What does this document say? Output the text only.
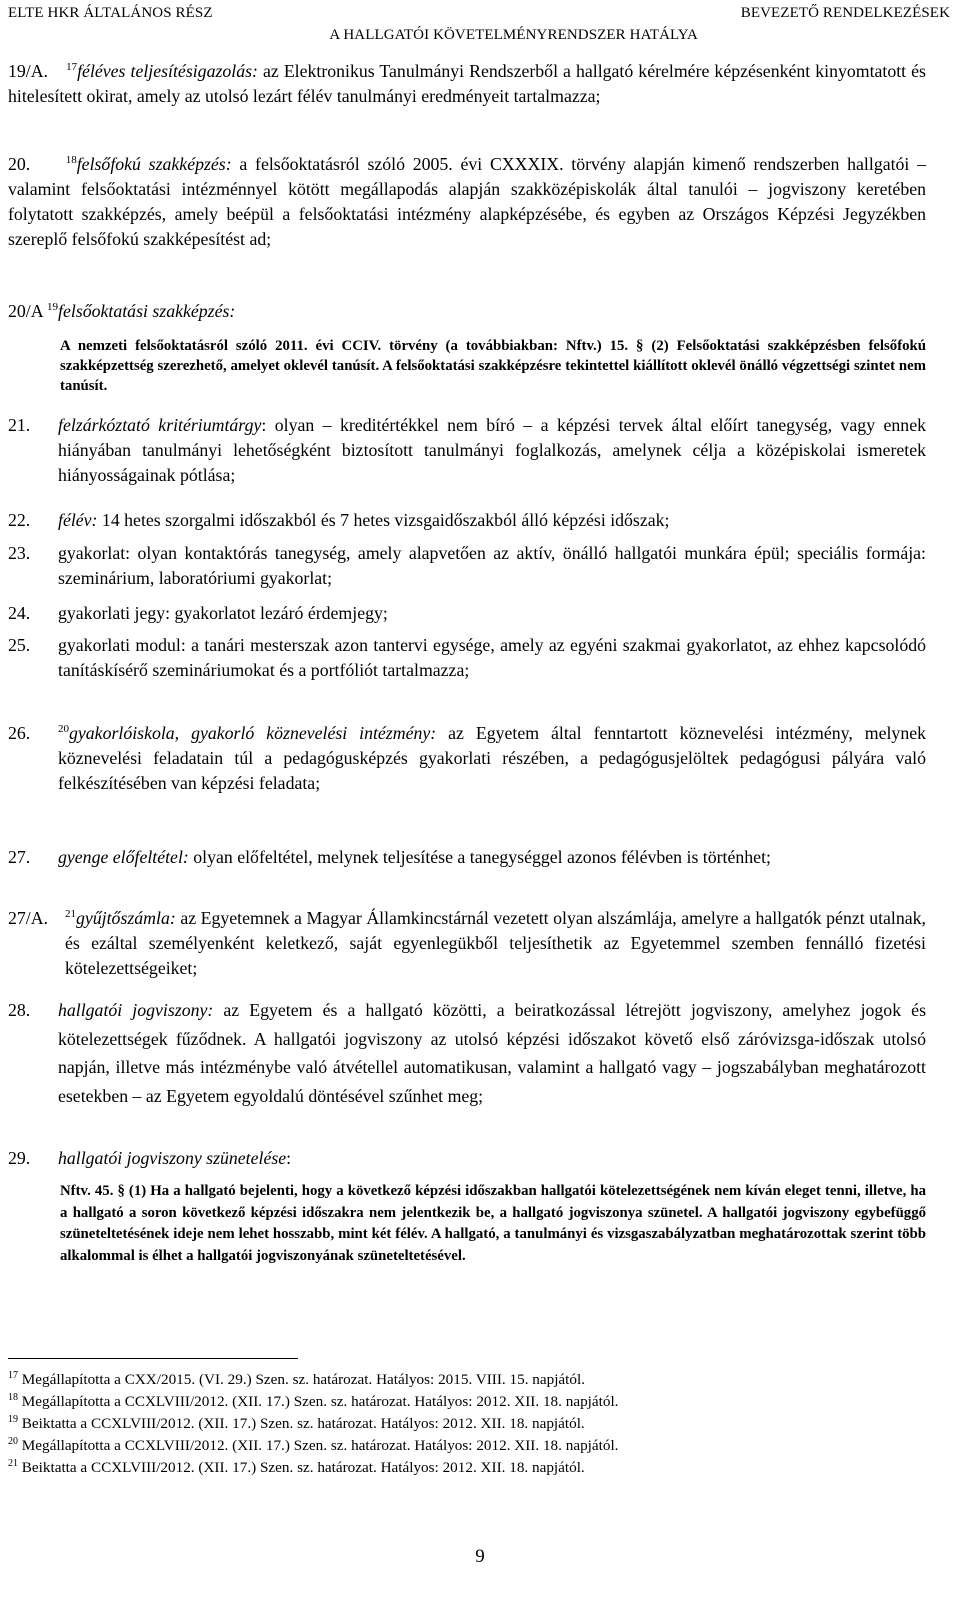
ELTE HKR ÁLTALÁNOS RÉSZ	BEVEZETŐ RENDELKEZÉSEK
A HALLGATÓI KÖVETELMÉNYRENDSZER HATÁLYA
19/A. $^{17}$féléves teljesítésigazolás: az Elektronikus Tanulmányi Rendszerből a hallgató kérelmére képzésenként kinyomtatott és hitelesített okirat, amely az utolsó lezárt félév tanulmányi eredményeit tartalmazza;
20.	$^{18}$felsőfokú szakképzés: a felsőoktatásról szóló 2005. évi CXXXIX. törvény alapján kimenő rendszerben hallgatói – valamint felsőoktatási intézménnyel kötött megállapodás alapján szakközépiskolák által tanulói – jogviszony keretében folytatott szakképzés, amely beépül a felsőoktatási intézmény alapképzésébe, és egyben az Országos Képzési Jegyzékben szereplő felsőfokú szakképesítést ad;
20/A $^{19}$felsőoktatási szakképzés:
A nemzeti felsőoktatásról szóló 2011. évi CCIV. törvény (a továbbiakban: Nftv.) 15. § (2) Felsőoktatási szakképzésben felsőfokú szakképzettség szerezhető, amelyet oklevél tanúsít. A felsőoktatási szakképzésre tekintettel kiállított oklevél önálló végzettségi szintet nem tanúsít.
21. felzárkóztató kritériumtárgy: olyan – kreditértékkel nem bíró – a képzési tervek által előírt tanegység, vagy ennek hiányában tanulmányi lehetőségként biztosított tanulmányi foglalkozás, amelynek célja a középiskolai ismeretek hiányosságainak pótlása;
22. félév: 14 hetes szorgalmi időszakból és 7 hetes vizsgaidőszakból álló képzési időszak;
23. gyakorlat: olyan kontaktórás tanegység, amely alapvetően az aktív, önálló hallgatói munkára épül; speciális formája: szeminárium, laboratóriumi gyakorlat;
24. gyakorlati jegy: gyakorlatot lezáró érdemjegy;
25. gyakorlati modul: a tanári mesterszak azon tantervi egysége, amely az egyéni szakmai gyakorlatot, az ehhez kapcsolódó tanításkísérő szemináriumokat és a portfóliót tartalmazza;
26.	$^{20}$gyakorlóiskola, gyakorló köznevelési intézmény: az Egyetem által fenntartott köznevelési intézmény, melynek köznevelési feladatain túl a pedagógusképzés gyakorlati részében, a pedagógusjelöltek pedagógusi pályára való felkészítésében van képzési feladata;
27. gyenge előfeltétel: olyan előfeltétel, melynek teljesítése a tanegységgel azonos félévben is történhet;
27/A. $^{21}$gyűjtőszámla: az Egyetemnek a Magyar Államkincstárnál vezetett olyan alszámlája, amelyre a hallgatók pénzt utalnak, és ezáltal személyenként keletkező, saját egyenlegükből teljesíthetik az Egyetemmel szemben fennálló fizetési kötelezettségeiket;
28. hallgatói jogviszony: az Egyetem és a hallgató közötti, a beiratkozással létrejött jogviszony, amelyhez jogok és kötelezettségek fűződnek. A hallgatói jogviszony az utolsó képzési időszakot követő első záróvizsga-időszak utolsó napján, illetve más intézménybe való átvétellel automatikusan, valamint a hallgató vagy – jogszabályban meghatározott esetekben – az Egyetem egyoldalú döntésével szűnhet meg;
29. hallgatói jogviszony szünetelése:
Nftv. 45. § (1) Ha a hallgató bejelenti, hogy a következő képzési időszakban hallgatói kötelezettségének nem kíván eleget tenni, illetve, ha a hallgató a soron következő képzési időszakra nem jelentkezik be, a hallgató jogviszonya szünetel. A hallgatói jogviszony egybefüggő szüneteltetésének ideje nem lehet hosszabb, mint két félév. A hallgató, a tanulmányi és vizsgaszabályzatban meghatározottak szerint több alkalommal is élhet a hallgatói jogviszonyának szüneteltetésével.
$^{17}$ Megállapította a CXX/2015. (VI. 29.) Szen. sz. határozat. Hatályos: 2015. VIII. 15. napjától.
$^{18}$ Megállapította a CCXLVIII/2012. (XII. 17.) Szen. sz. határozat. Hatályos: 2012. XII. 18. napjától.
$^{19}$ Beiktatta a CCXLVIII/2012. (XII. 17.) Szen. sz. határozat. Hatályos: 2012. XII. 18. napjától.
$^{20}$ Megállapította a CCXLVIII/2012. (XII. 17.) Szen. sz. határozat. Hatályos: 2012. XII. 18. napjától.
$^{21}$ Beiktatta a CCXLVIII/2012. (XII. 17.) Szen. sz. határozat. Hatályos: 2012. XII. 18. napjától.
9
